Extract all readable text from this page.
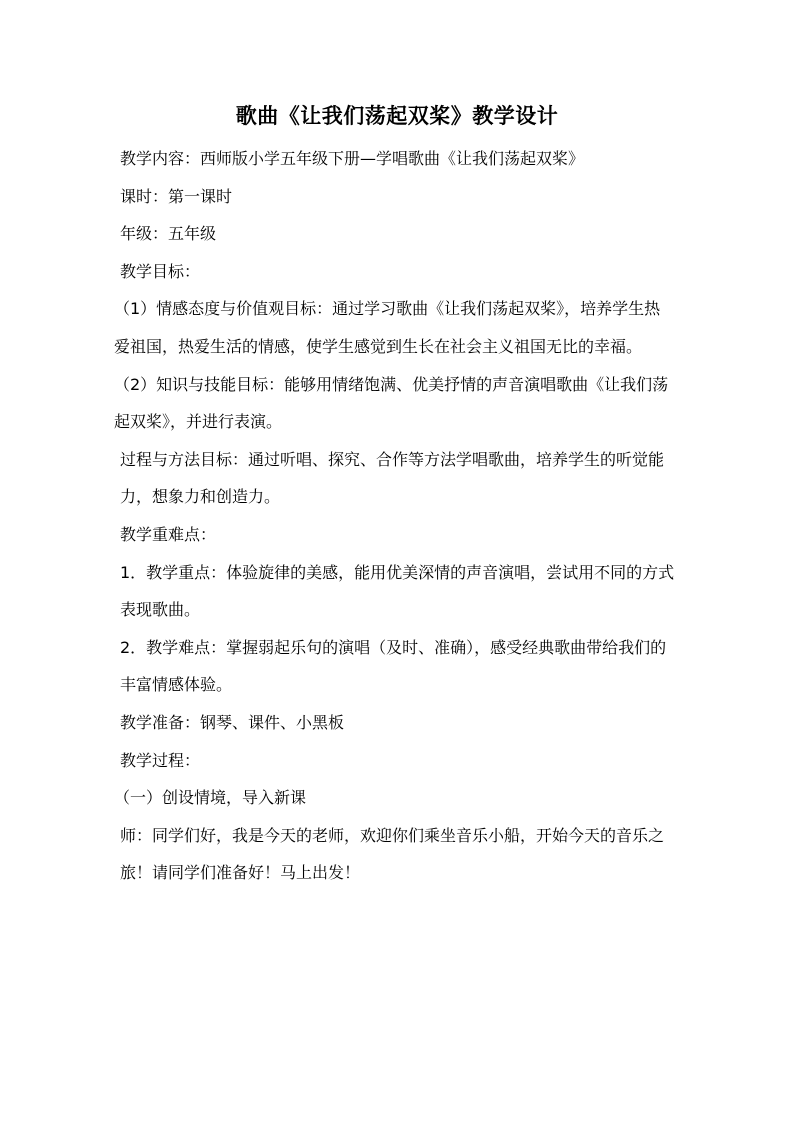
歌曲《让我们荡起双桨》教学设计

教学内容：西师版小学五年级下册—学唱歌曲《让我们荡起双桨》

课时：第一课时

年级：五年级

教学目标：

（1）情感态度与价值观目标：通过学习歌曲《让我们荡起双桨》，培养学生热爱祖国，热爱生活的情感，使学生感觉到生长在社会主义祖国无比的幸福。

（2）知识与技能目标：能够用情绪饱满、优美抒情的声音演唱歌曲《让我们荡起双桨》，并进行表演。

过程与方法目标：通过听唱、探究、合作等方法学唱歌曲，培养学生的听觉能力，想象力和创造力。

教学重难点：

1．教学重点：体验旋律的美感，能用优美深情的声音演唱，尝试用不同的方式表现歌曲。

2．教学难点：掌握弱起乐句的演唱（及时、准确），感受经典歌曲带给我们的丰富情感体验。

教学准备：钢琴、课件、小黑板

教学过程：

（一）创设情境，导入新课

师：同学们好，我是今天的老师，欢迎你们乘坐音乐小船，开始今天的音乐之旅！请同学们准备好！马上出发！
